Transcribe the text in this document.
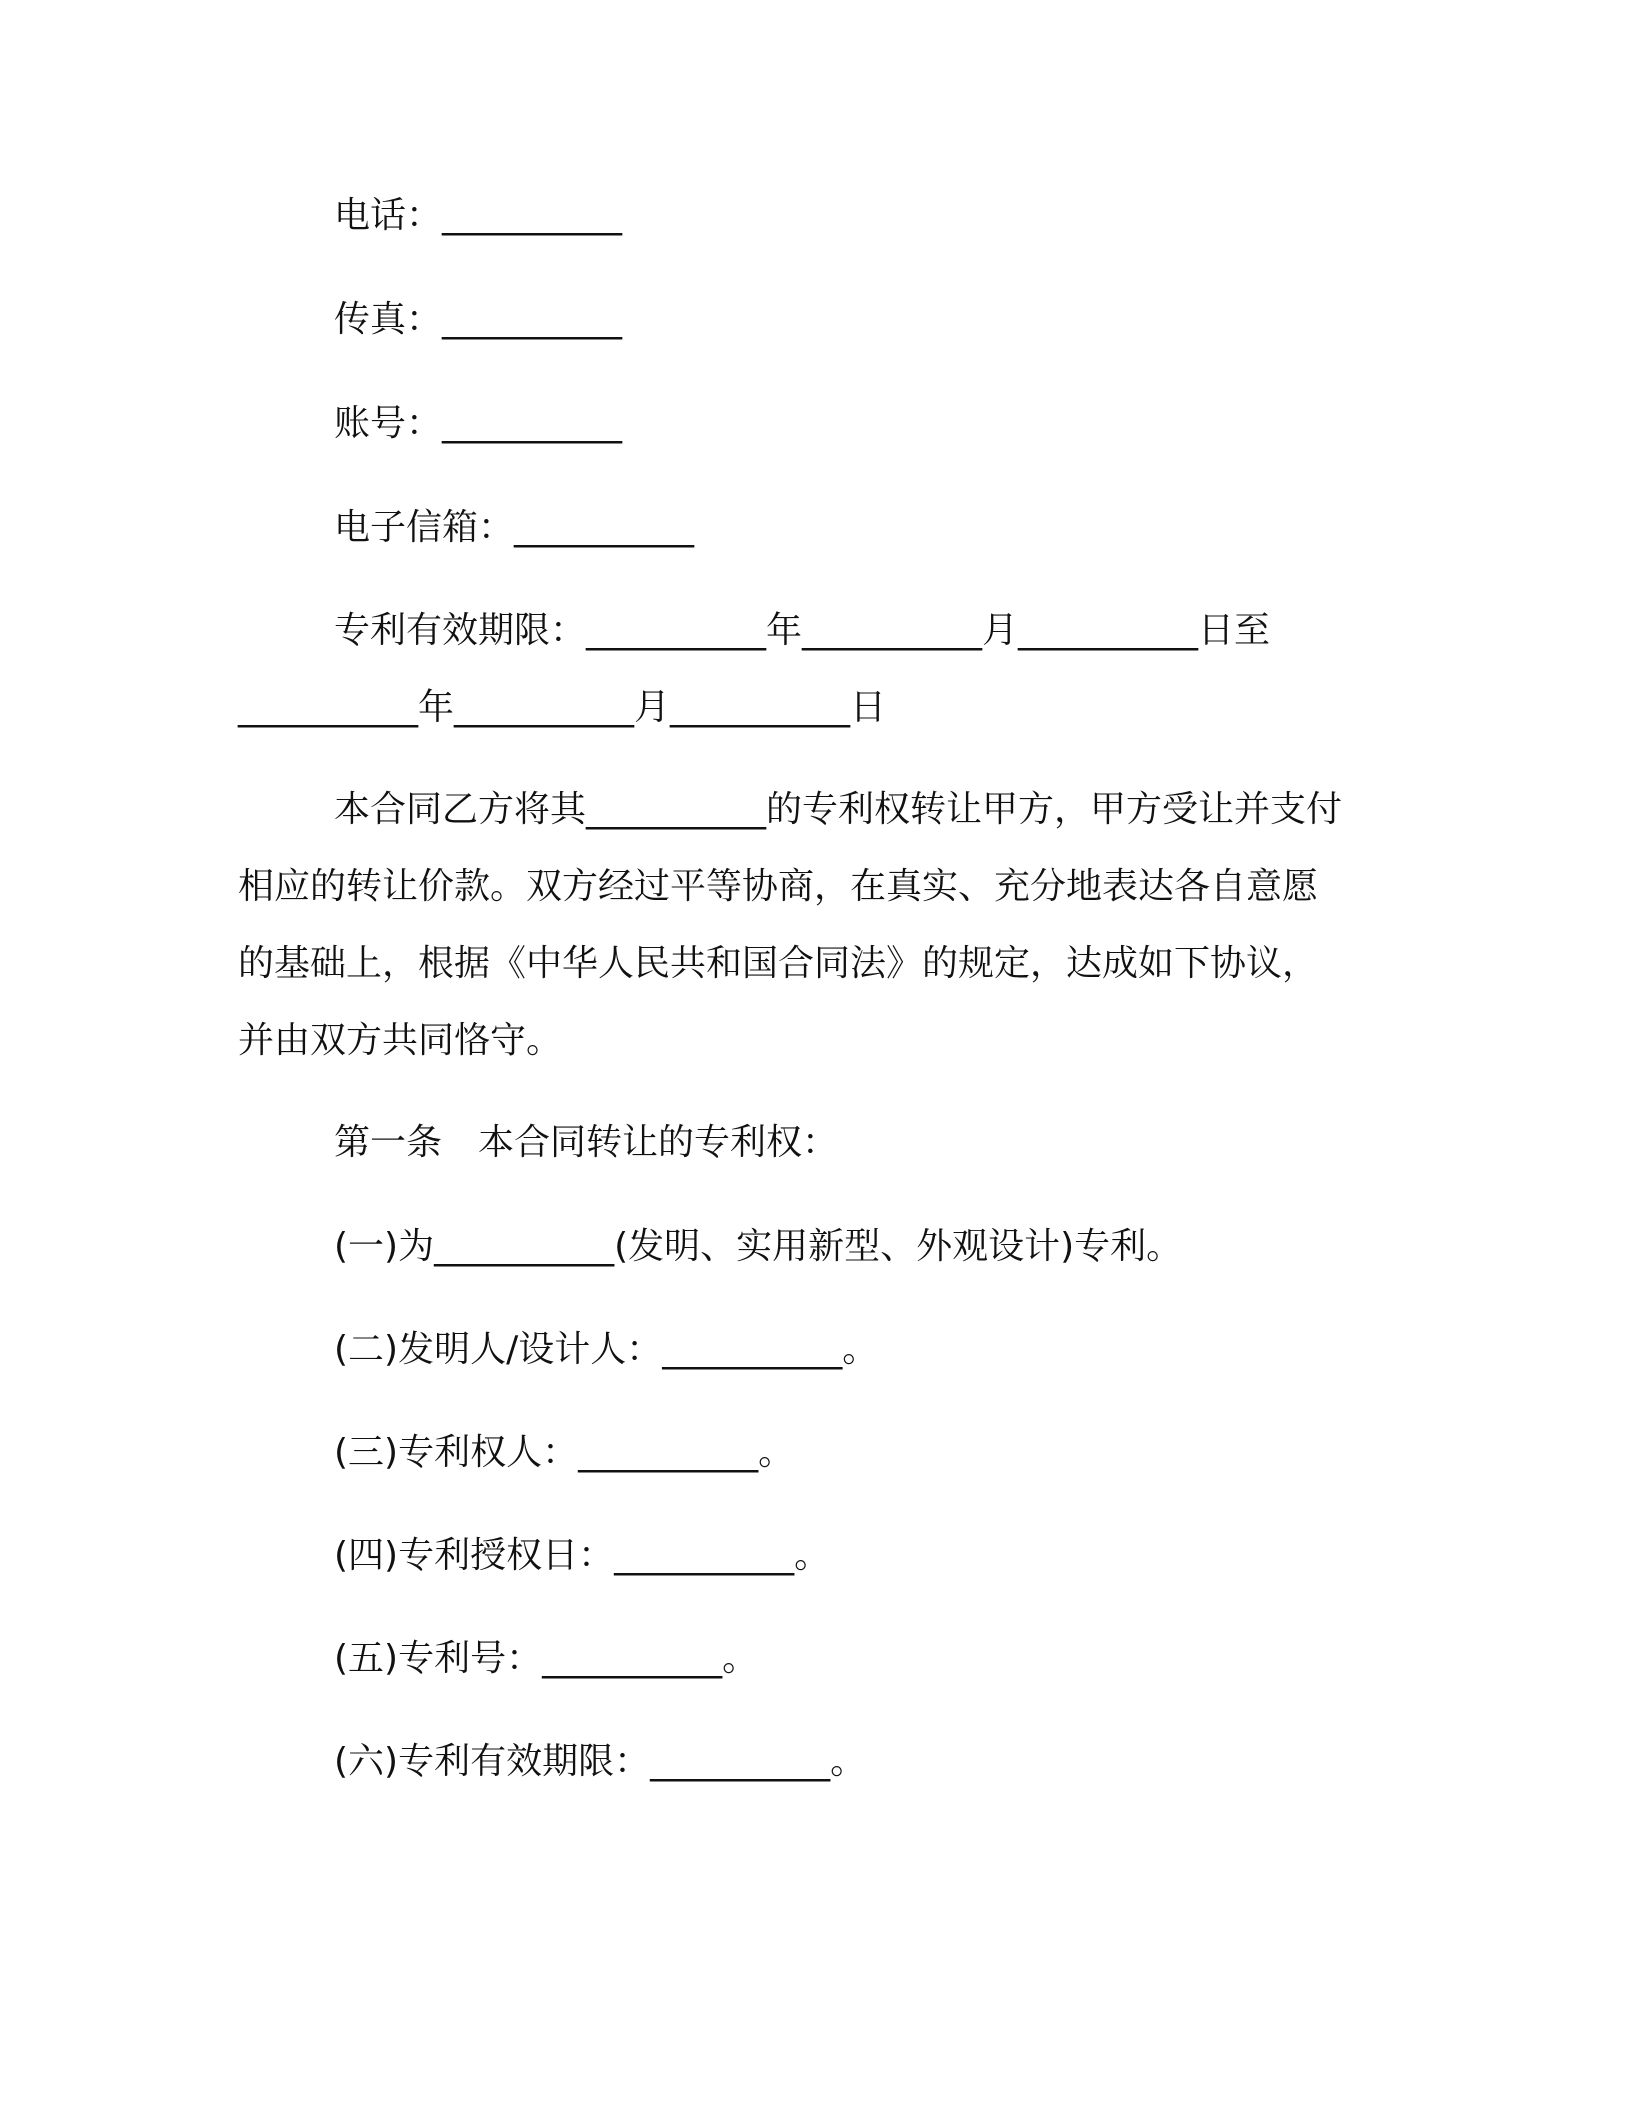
电话：__________

传真：__________

账号：__________

电子信箱：__________

专利有效期限：__________年__________月__________日至

__________年__________月__________日

本合同乙方将其__________的专利权转让甲方，甲方受让并支付

相应的转让价款。双方经过平等协商，在真实、充分地表达各自意愿

的基础上，根据《中华人民共和国合同法》的规定，达成如下协议，

并由双方共同恪守。

第一条　本合同转让的专利权：

(一)为__________(发明、实用新型、外观设计)专利。

(二)发明人/设计人：__________。

(三)专利权人：__________。

(四)专利授权日：__________。

(五)专利号：__________。

(六)专利有效期限：__________。
